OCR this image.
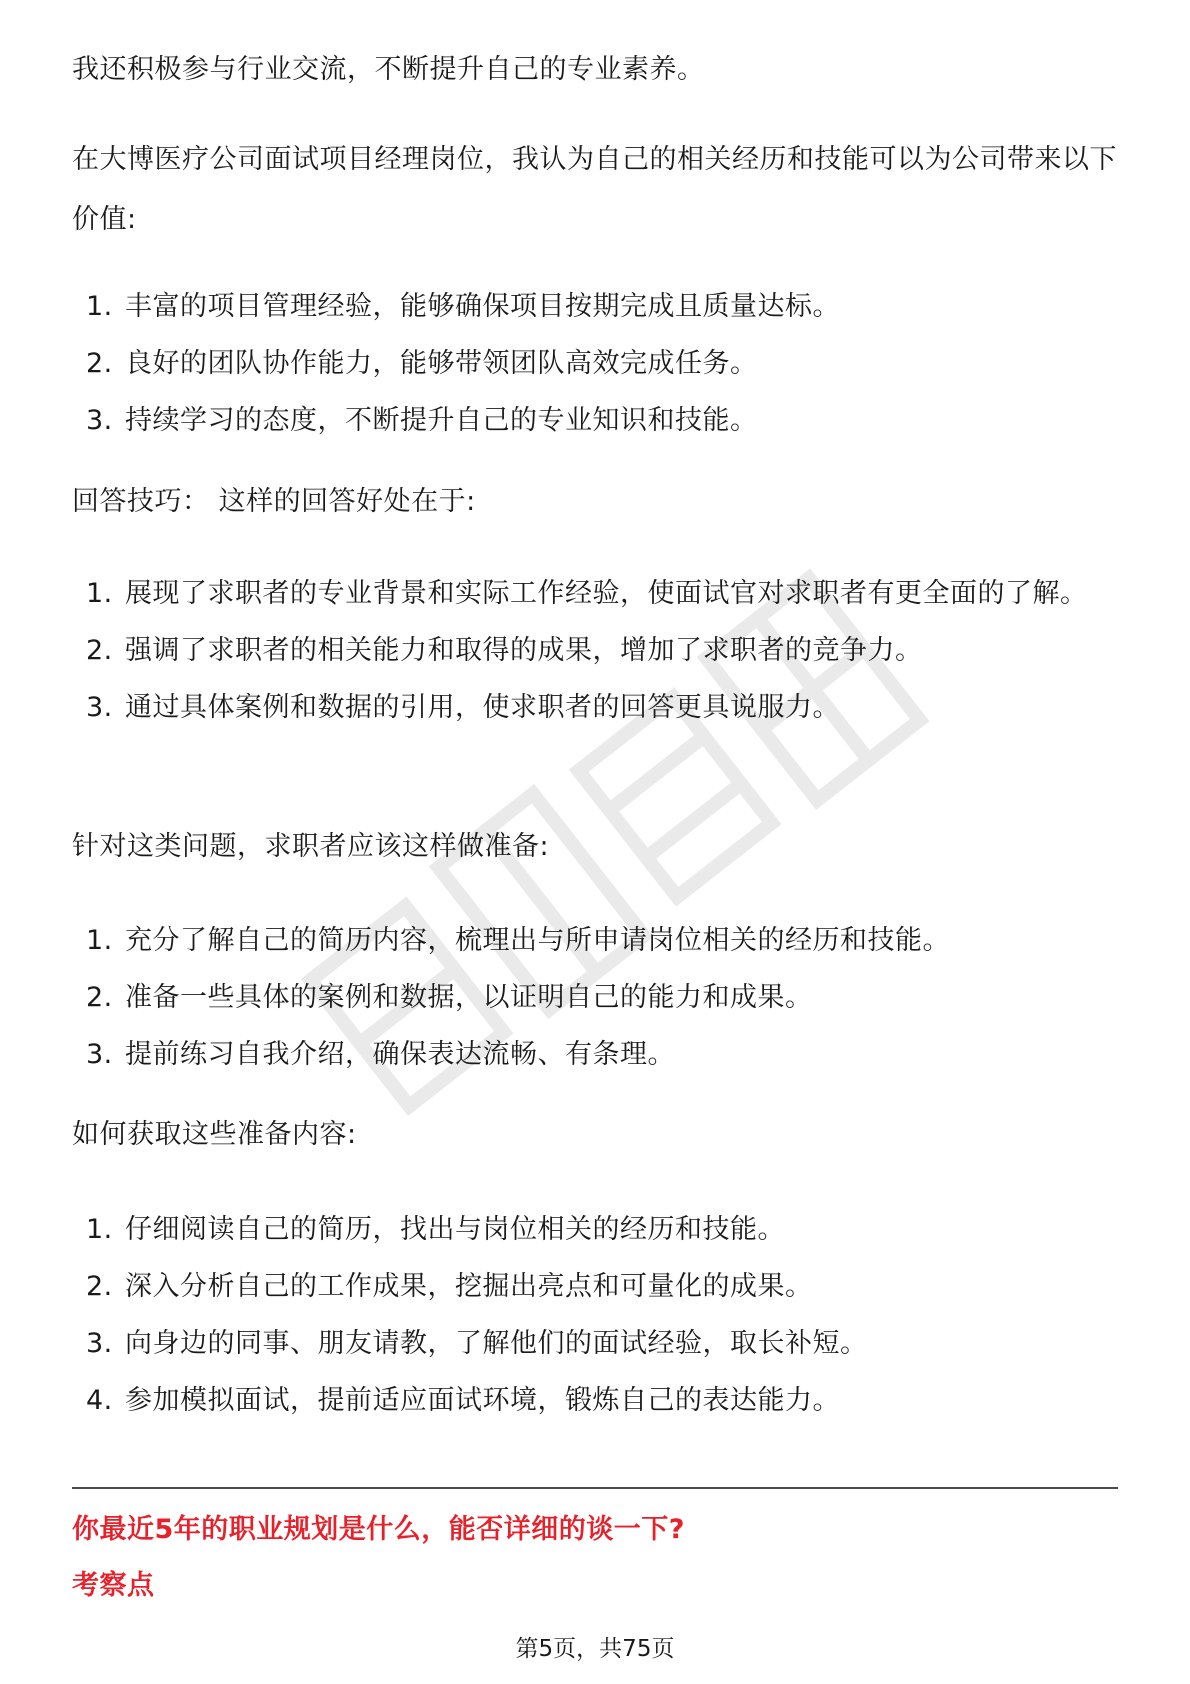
我还积极参与行业交流，不断提升自己的专业素养。

在大博医疗公司面试项目经理岗位，我认为自己的相关经历和技能可以为公司带来以下价值:

1. 丰富的项目管理经验，能够确保项目按期完成且质量达标。
2. 良好的团队协作能力，能够带领团队高效完成任务。
3. 持续学习的态度，不断提升自己的专业知识和技能。

回答技巧： 这样的回答好处在于:

1. 展现了求职者的专业背景和实际工作经验，使面试官对求职者有更全面的了解。
2. 强调了求职者的相关能力和取得的成果，增加了求职者的竞争力。
3. 通过具体案例和数据的引用，使求职者的回答更具说服力。

针对这类问题，求职者应该这样做准备:

1. 充分了解自己的简历内容，梳理出与所申请岗位相关的经历和技能。
2. 准备一些具体的案例和数据，以证明自己的能力和成果。
3. 提前练习自我介绍，确保表达流畅、有条理。

如何获取这些准备内容:

1. 仔细阅读自己的简历，找出与岗位相关的经历和技能。
2. 深入分析自己的工作成果，挖掘出亮点和可量化的成果。
3. 向身边的同事、朋友请教，了解他们的面试经验，取长补短。
4. 参加模拟面试，提前适应面试环境，锻炼自己的表达能力。
你最近5年的职业规划是什么，能否详细的谈一下?
考察点
第5页，共75页
